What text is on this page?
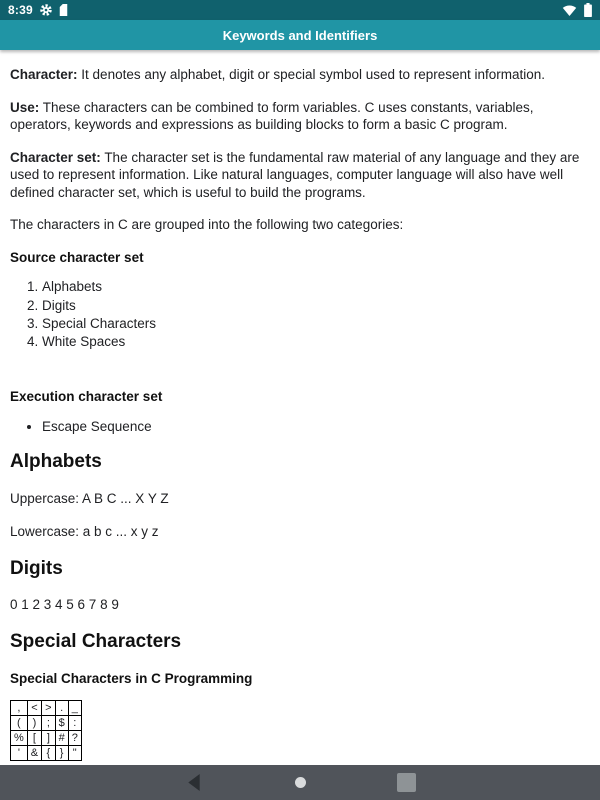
8:39
Keywords and Identifiers

Character: It denotes any alphabet, digit or special symbol used to represent information.

Use: These characters can be combined to form variables. C uses constants, variables, operators, keywords and expressions as building blocks to form a basic C program.

Character set: The character set is the fundamental raw material of any language and they are used to represent information. Like natural languages, computer language will also have well defined character set, which is useful to build the programs.

The characters in C are grouped into the following two categories:

Source character set

1. Alphabets
2. Digits
3. Special Characters
4. White Spaces

Execution character set

• Escape Sequence
Alphabets

Uppercase: A B C ... X Y Z

Lowercase: a b c ... x y z

Digits

0 1 2 3 4 5 6 7 8 9

Special Characters

Special Characters in C Programming

,	<	>	.	_
(	)	;	$	:
%	[	]	#	?
'	&	{	}	"
